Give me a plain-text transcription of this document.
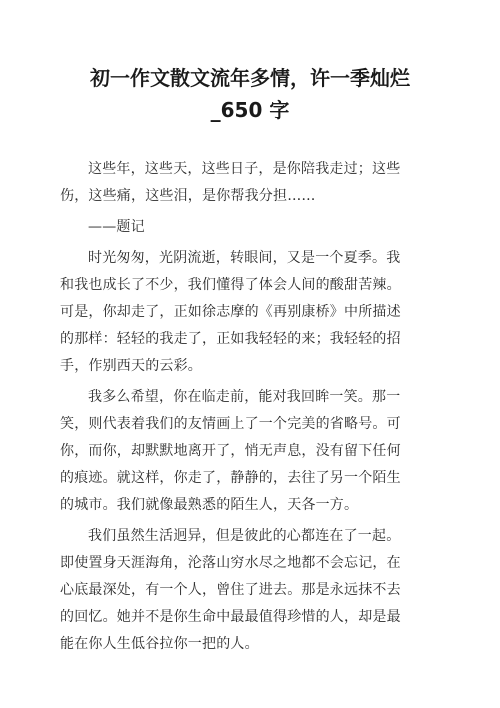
初一作文散文流年多情，许一季灿烂
_650 字

这些年，这些天，这些日子，是你陪我走过；这些
伤，这些痛，这些泪，是你帮我分担……

——题记

时光匆匆，光阴流逝，转眼间，又是一个夏季。我
和我也成长了不少，我们懂得了体会人间的酸甜苦辣。
可是，你却走了，正如徐志摩的《再别康桥》中所描述
的那样：轻轻的我走了，正如我轻轻的来；我轻轻的招
手，作别西天的云彩。

我多么希望，你在临走前，能对我回眸一笑。那一
笑，则代表着我们的友情画上了一个完美的省略号。可
你，而你，却默默地离开了，悄无声息，没有留下任何
的痕迹。就这样，你走了，静静的，去往了另一个陌生
的城市。我们就像最熟悉的陌生人，天各一方。

我们虽然生活迥异，但是彼此的心都连在了一起。
即使置身天涯海角，沦落山穷水尽之地都不会忘记，在
心底最深处，有一个人，曾住了进去。那是永远抹不去
的回忆。她并不是你生命中最最值得珍惜的人，却是最
能在你人生低谷拉你一把的人。
